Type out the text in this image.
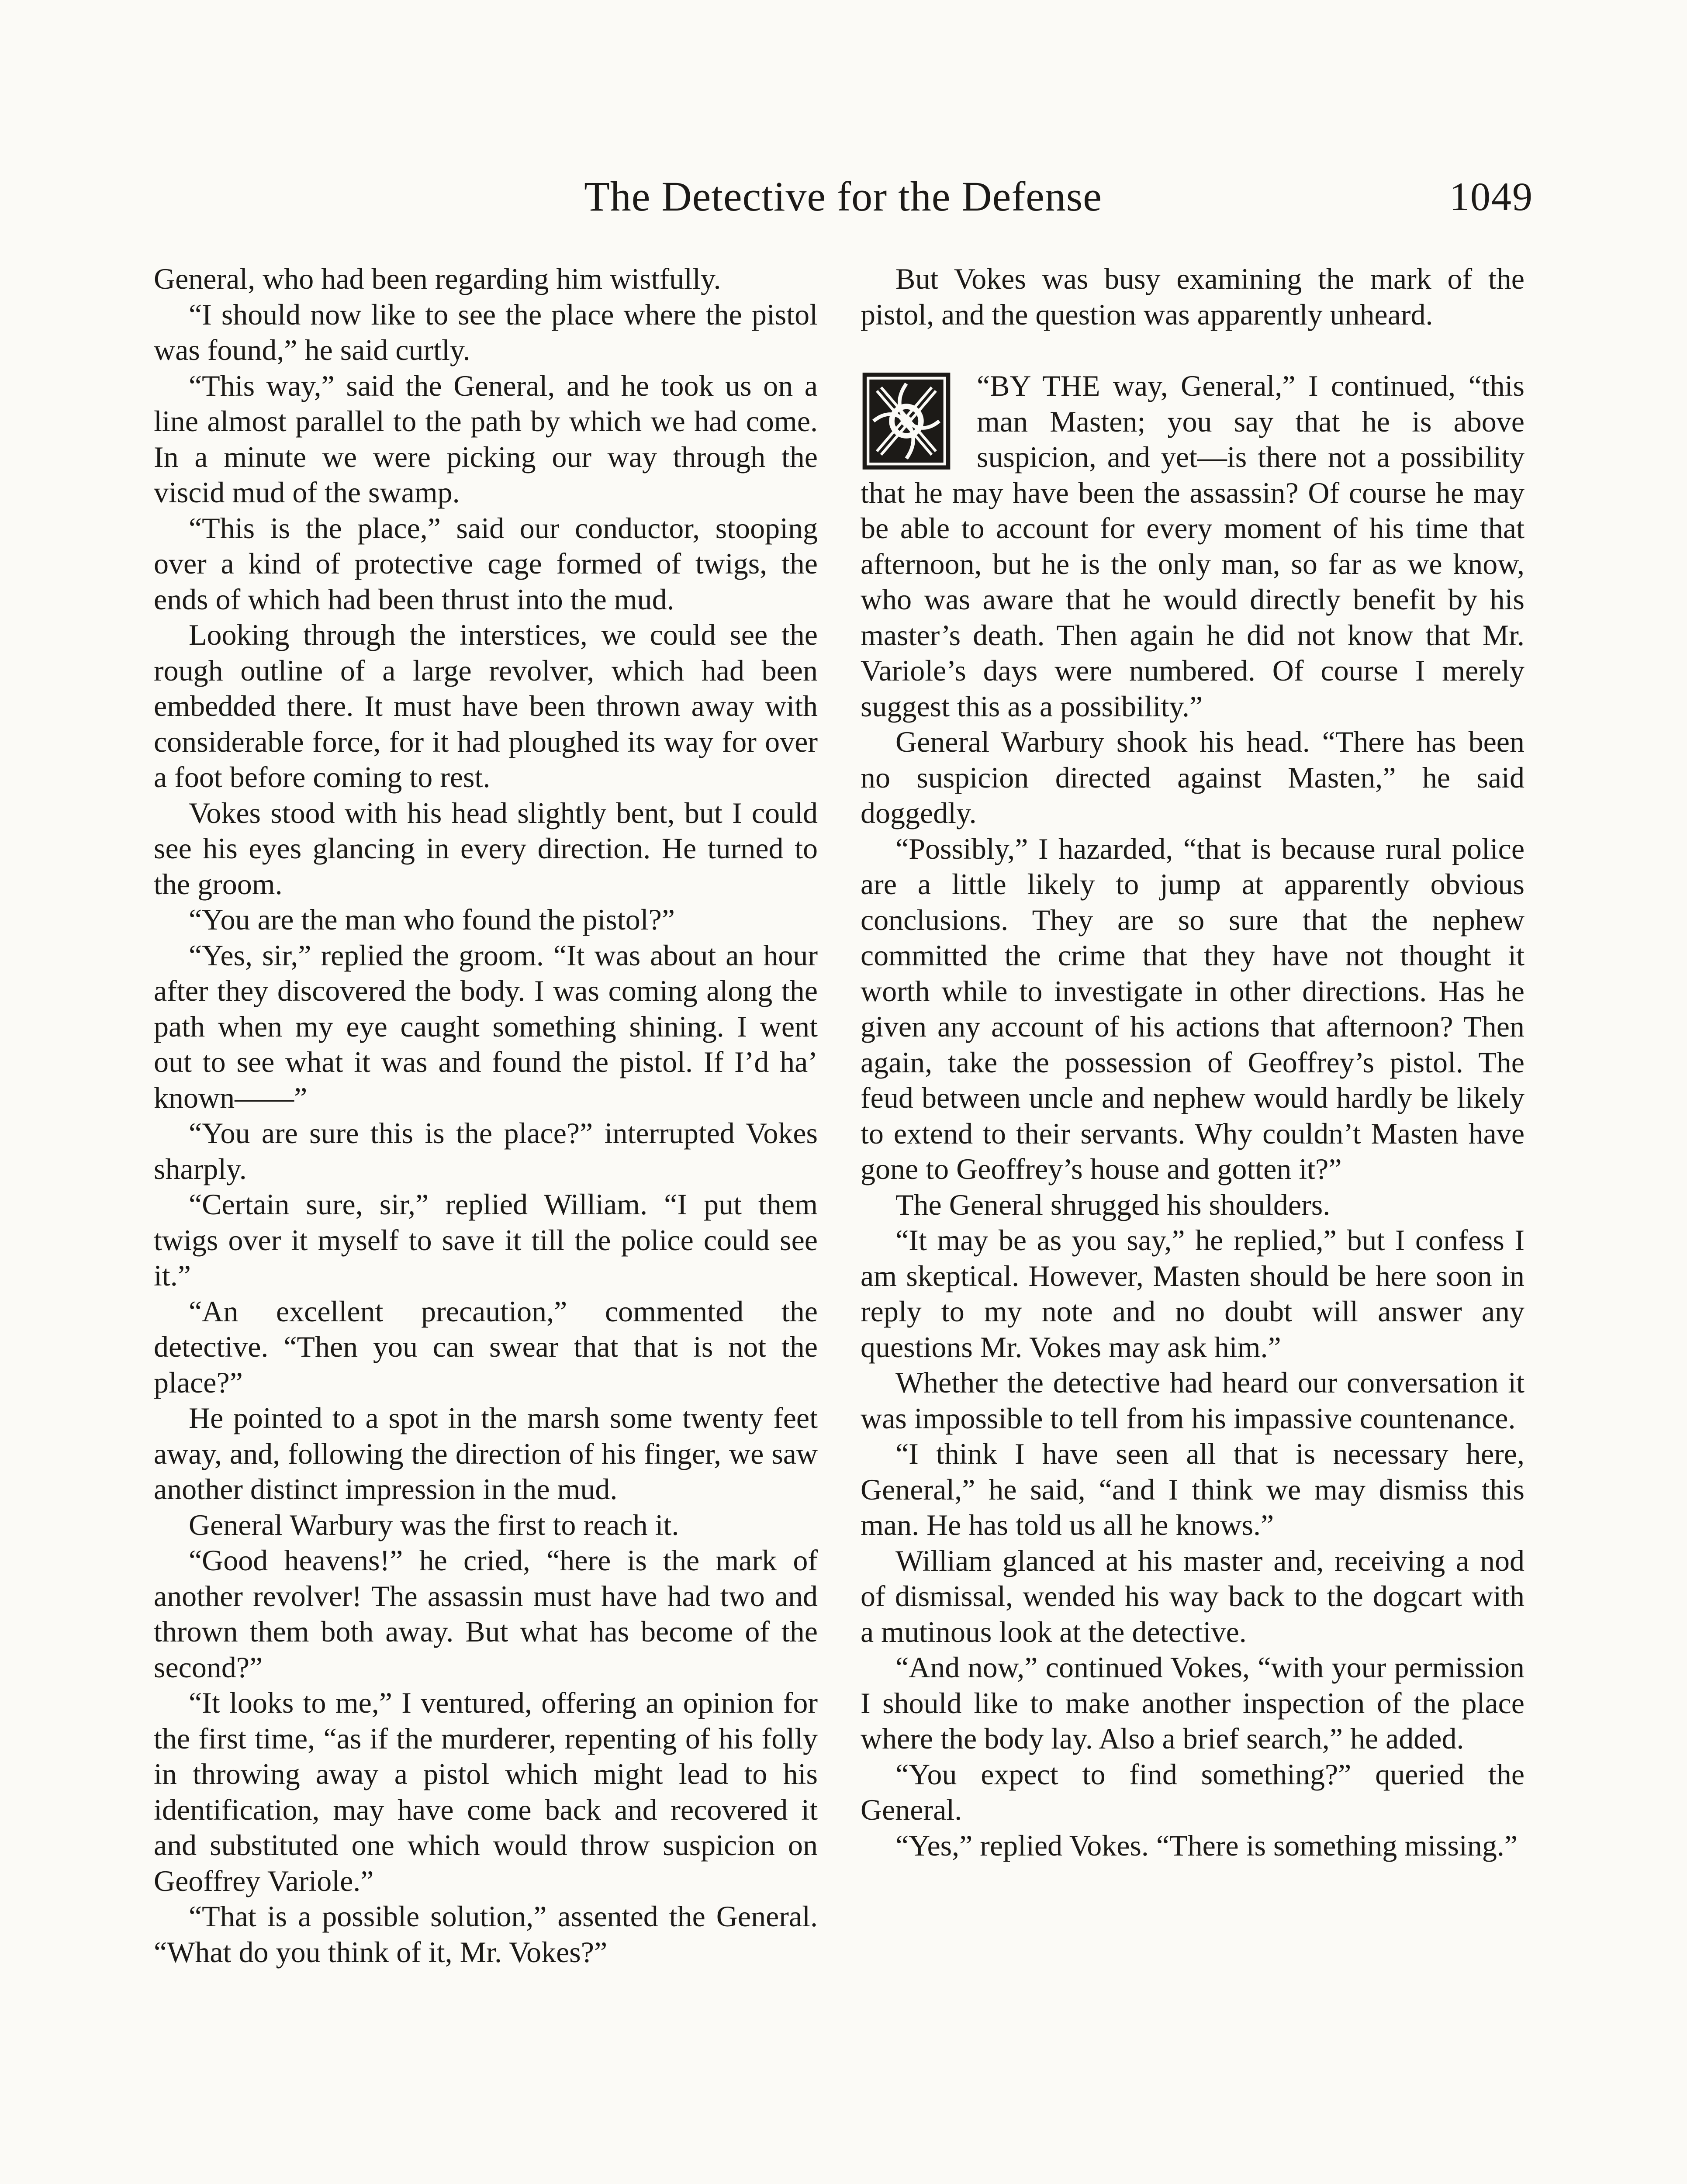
The Detective for the Defense	1049

General, who had been regarding him wistfully.

“I should now like to see the place where the pistol was found,” he said curtly.

“This way,” said the General, and he took us on a line almost parallel to the path by which we had come. In a minute we were picking our way through the viscid mud of the swamp.

“This is the place,” said our conductor, stooping over a kind of protective cage formed of twigs, the ends of which had been thrust into the mud.

Looking through the interstices, we could see the rough outline of a large revolver, which had been embedded there. It must have been thrown away with considerable force, for it had ploughed its way for over a foot before coming to rest.

Vokes stood with his head slightly bent, but I could see his eyes glancing in every direction. He turned to the groom.

“You are the man who found the pistol?”

“Yes, sir,” replied the groom. “It was about an hour after they discovered the body. I was coming along the path when my eye caught something shining. I went out to see what it was and found the pistol. If I’d ha’ known——”

“You are sure this is the place?” interrupted Vokes sharply.

“Certain sure, sir,” replied William. “I put them twigs over it myself to save it till the police could see it.”

“An excellent precaution,” commented the detective. “Then you can swear that that is not the place?”

He pointed to a spot in the marsh some twenty feet away, and, following the direction of his finger, we saw another distinct impression in the mud.

General Warbury was the first to reach it.

“Good heavens!” he cried, “here is the mark of another revolver! The assassin must have had two and thrown them both away. But what has become of the second?”

“It looks to me,” I ventured, offering an opinion for the first time, “as if the murderer, repenting of his folly in throwing away a pistol which might lead to his identification, may have come back and recovered it and substituted one which would throw suspicion on Geoffrey Variole.”

“That is a possible solution,” assented the General. “What do you think of it, Mr. Vokes?”

But Vokes was busy examining the mark of the pistol, and the question was apparently unheard.

“BY THE way, General,” I continued, “this man Masten; you say that he is above suspicion, and yet—is there not a possibility that he may have been the assassin? Of course he may be able to account for every moment of his time that afternoon, but he is the only man, so far as we know, who was aware that he would directly benefit by his master’s death. Then again he did not know that Mr. Variole’s days were numbered. Of course I merely suggest this as a possibility.”

General Warbury shook his head. “There has been no suspicion directed against Masten,” he said doggedly.

“Possibly,” I hazarded, “that is because rural police are a little likely to jump at apparently obvious conclusions. They are so sure that the nephew committed the crime that they have not thought it worth while to investigate in other directions. Has he given any account of his actions that afternoon? Then again, take the possession of Geoffrey’s pistol. The feud between uncle and nephew would hardly be likely to extend to their servants. Why couldn’t Masten have gone to Geoffrey’s house and gotten it?”

The General shrugged his shoulders.

“It may be as you say,” he replied,” but I confess I am skeptical. However, Masten should be here soon in reply to my note and no doubt will answer any questions Mr. Vokes may ask him.”

Whether the detective had heard our conversation it was impossible to tell from his impassive countenance.

“I think I have seen all that is necessary here, General,” he said, “and I think we may dismiss this man. He has told us all he knows.”

William glanced at his master and, receiving a nod of dismissal, wended his way back to the dogcart with a mutinous look at the detective.

“And now,” continued Vokes, “with your permission I should like to make another inspection of the place where the body lay. Also a brief search,” he added.

“You expect to find something?” queried the General.

“Yes,” replied Vokes. “There is something missing.”
